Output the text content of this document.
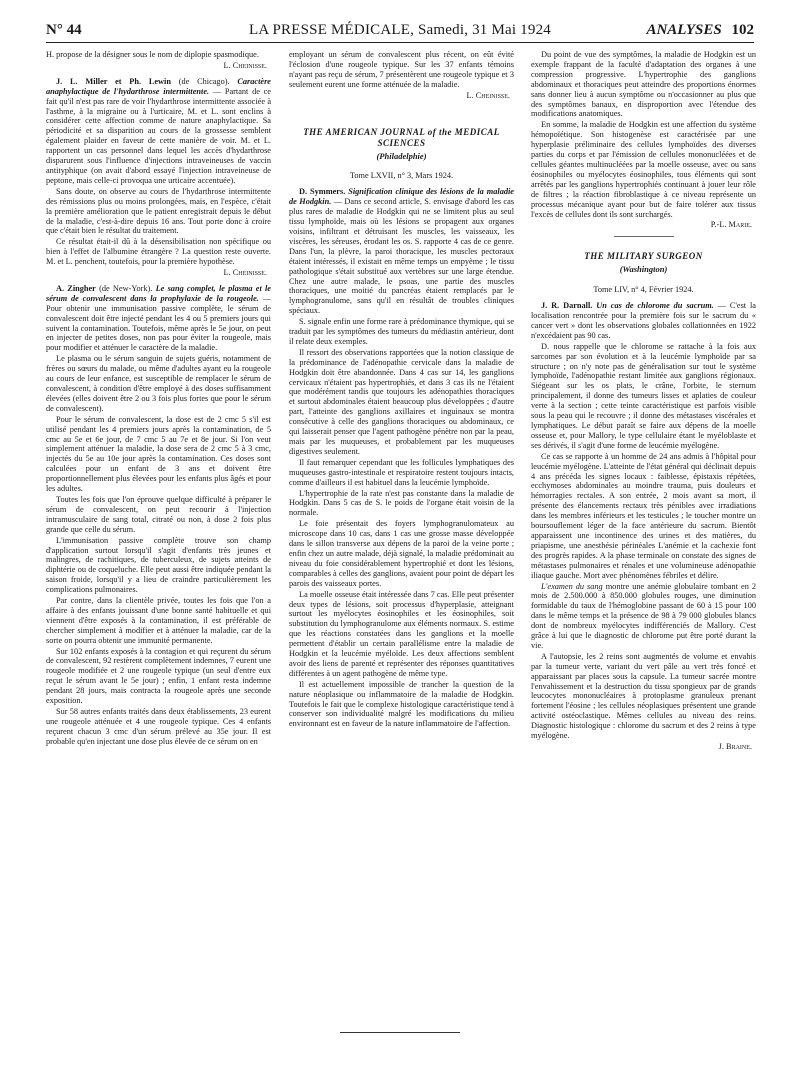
N° 44	LA PRESSE MÉDICALE, Samedi, 31 Mai 1924	ANALYSES 102

H. propose de la désigner sous le nom de diplopie spasmodique.

L. Cheinisse.

J. L. Miller et Ph. Lewin (de Chicago). Caractère anaphylactique de l'hydarthrose intermittente. — Partant de ce fait qu'il n'est pas rare de voir l'hydarthrose intermittente associée à l'asthme, à la migraine ou à l'urticaire, M. et L. sont enclins à considérer cette affection comme de nature anaphylactique. Sa périodicité et sa disparition au cours de la grossesse semblent également plaider en faveur de cette manière de voir. M. et L. rapportent un cas personnel dans lequel les accès d'hydarthrose disparurent sous l'influence d'injections intraveineuses de vaccin antityphique (on avait d'abord essayé l'injection intraveineuse de peptone, mais celle-ci provoqua une urticaire accentuée).

Sans doute, on observe au cours de l'hydarthrose intermittente des rémissions plus ou moins prolongées, mais, en l'espèce, c'était la première amélioration que le patient enregistrait depuis le début de la maladie, c'est-à-dire depuis 16 ans. Tout porte donc à croire que c'était bien le résultat du traitement.

Ce résultat était-il dû à la désensibilisation non spécifique ou bien à l'effet de l'albumine étrangère ? La question reste ouverte. M. et L. penchent, toutefois, pour la première hypothèse.

L. Cheinisse.

A. Zingher (de New-York). Le sang complet, le plasma et le sérum de convalescent dans la prophylaxie de la rougeole. — Pour obtenir une immunisation passive complète, le sérum de convalescent doit être injecté pendant les 4 ou 5 premiers jours qui suivent la contamination. Toutefois, même après le 5e jour, on peut en injecter de petites doses, non pas pour éviter la rougeole, mais pour modifier et atténuer le caractère de la maladie.

Le plasma ou le sérum sanguin de sujets guéris, notamment de frères ou sœurs du malade, ou même d'adultes ayant eu la rougeole au cours de leur enfance, est susceptible de remplacer le sérum de convalescent, à condition d'être employé à des doses suffisamment élevées (elles doivent être 2 ou 3 fois plus fortes que pour le sérum de convalescent).

Pour le sérum de convalescent, la dose est de 2 cmc 5 s'il est utilisé pendant les 4 premiers jours après la contamination, de 5 cmc au 5e et 6e jour, de 7 cmc 5 au 7e et 8e jour. Si l'on veut simplement atténuer la maladie, la dose sera de 2 cmc 5 à 3 cmc, injectés du 5e au 10e jour après la contamination. Ces doses sont calculées pour un enfant de 3 ans et doivent être proportionnellement plus élevées pour les enfants plus âgés et pour les adultes.

Toutes les fois que l'on éprouve quelque difficulté à préparer le sérum de convalescent, on peut recourir à l'injection intramusculaire de sang total, citraté ou non, à dose 2 fois plus grande que celle du sérum.

L'immunisation passive complète trouve son champ d'application surtout lorsqu'il s'agit d'enfants très jeunes et malingres, de rachitiques, de tuberculeux, de sujets atteints de diphtérie ou de coqueluche. Elle peut aussi être indiquée pendant la saison froide, lorsqu'il y a lieu de craindre particulièrement les complications pulmonaires.

Par contre, dans la clientèle privée, toutes les fois que l'on a affaire à des enfants jouissant d'une bonne santé habituelle et qui viennent d'être exposés à la contamination, il est préférable de chercher simplement à modifier et à atténuer la maladie, car de la sorte on pourra obtenir une immunité permanente.

Sur 102 enfants exposés à la contagion et qui reçurent du sérum de convalescent, 92 restèrent complètement indemnes, 7 eurent une rougeole modifiée et 2 une rougeole typique (un seul d'entre eux reçut le sérum avant le 5e jour) ; enfin, 1 enfant resta indemne pendant 28 jours, mais contracta la rougeole après une seconde exposition.

Sur 58 autres enfants traités dans deux établissements, 23 eurent une rougeole atténuée et 4 une rougeole typique. Ces 4 enfants reçurent chacun 3 cmc d'un sérum prélevé au 35e jour. Il est probable qu'en injectant une dose plus élevée de ce sérum on en

employant un sérum de convalescent plus récent, on eût évité l'éclosion d'une rougeole typique. Sur les 37 enfants témoins n'ayant pas reçu de sérum, 7 présentèrent une rougeole typique et 3 seulement eurent une forme atténuée de la maladie.

L. Cheinisse.
THE AMERICAN JOURNAL of the MEDICAL SCIENCES
(Philadelphie)
Tome LXVII, n° 3, Mars 1924.

D. Symmers. Signification clinique des lésions de la maladie de Hodgkin. — Dans ce second article, S. envisage d'abord les cas plus rares de maladie de Hodgkin qui ne se limitent plus au seul tissu lymphoïde, mais où les lésions se propagent aux organes voisins, infiltrant et détruisant les muscles, les vaisseaux, les viscères, les séreuses, érodant les os. S. rapporte 4 cas de ce genre. Dans l'un, la plèvre, la paroi thoracique, les muscles pectoraux étaient intéressés, il existait en même temps un empyème ; le tissu pathologique s'était substitué aux vertèbres sur une large étendue. Chez une autre malade, le psoas, une partie des muscles thoraciques, une moitié du pancréas étaient remplacés par le lymphogranulome, sans qu'il en résultât de troubles cliniques spéciaux.

S. signale enfin une forme rare à prédominance thymique, qui se traduit par les symptômes des tumeurs du médiastin antérieur, dont il relate deux exemples.

Il ressort des observations rapportées que la notion classique de la prédominance de l'adénopathie cervicale dans la maladie de Hodgkin doit être abandonnée. Dans 4 cas sur 14, les ganglions cervicaux n'étaient pas hypertrophiés, et dans 3 cas ils ne l'étaient que modérément tandis que toujours les adénopathies thoraciques et surtout abdominales étaient beaucoup plus développées ; d'autre part, l'atteinte des ganglions axillaires et inguinaux se montra consécutive à celle des ganglions thoraciques ou abdominaux, ce qui laisserait penser que l'agent pathogène pénètre non par la peau, mais par les muqueuses, et probablement par les muqueuses digestives seulement.

Il faut remarquer cependant que les follicules lymphatiques des muqueuses gastro-intestinale et respiratoire restent toujours intacts, comme d'ailleurs il est habituel dans la leucémie lymphoïde.

L'hypertrophie de la rate n'est pas constante dans la maladie de Hodgkin. Dans 5 cas de S. le poids de l'organe était voisin de la normale.

Le foie présentait des foyers lymphogranulomateux au microscope dans 10 cas, dans 1 cas une grosse masse développée dans le sillon transverse aux dépens de la paroi de la veine porte ; enfin chez un autre malade, déjà signalé, la maladie prédominait au niveau du foie considérablement hypertrophié et dont les lésions, comparables à celles des ganglions, avaient pour point de départ les parois des vaisseaux portes.

La moelle osseuse était intéressée dans 7 cas. Elle peut présenter deux types de lésions, soit processus d'hyperplasie, atteignant surtout les myélocytes éosinophiles et les éosinophiles, soit substitution du lymphogranulome aux éléments normaux. S. estime que les réactions constatées dans les ganglions et la moelle permettent d'établir un certain parallélisme entre la maladie de Hodgkin et la leucémie myéloïde. Les deux affections semblent avoir des liens de parenté et représenter des réponses quantitatives différentes à un agent pathogène de même type.

Il est actuellement impossible de trancher la question de la nature néoplasique ou inflammatoire de la maladie de Hodgkin. Toutefois le fait que le complexe histologique caractéristique tend à conserver son individualité malgré les modifications du milieu environnant est en faveur de la nature inflammatoire de l'affection.

Du point de vue des symptômes, la maladie de Hodgkin est un exemple frappant de la faculté d'adaptation des organes à une compression progressive. L'hypertrophie des ganglions abdominaux et thoraciques peut atteindre des proportions énormes sans donner lieu à aucun symptôme ou n'occasionner au plus que des symptômes banaux, en disproportion avec l'étendue des modifications anatomiques.

En somme, la maladie de Hodgkin est une affection du système hémopoïétique. Son histogenèse est caractérisée par une hyperplasie préliminaire des cellules lymphoïdes des diverses parties du corps et par l'émission de cellules mononucléées et de cellules géantes multinucléées par la moelle osseuse, avec ou sans éosinophiles ou myélocytes éosinophiles, tous éléments qui sont arrêtés par les ganglions hypertrophiés continuant à jouer leur rôle de filtres ; la réaction fibroblastique à ce niveau représente un processus mécanique ayant pour but de faire tolérer aux tissus l'excès de cellules dont ils sont surchargés.

P.-L. Marie.
THE MILITARY SURGEON
(Washington)
Tome LIV, n° 4, Février 1924.

J. R. Darnall. Un cas de chlorome du sacrum. — C'est la localisation rencontrée pour la première fois sur le sacrum du « cancer vert » dont les observations globales collationnées en 1922 n'excédaient pas 90 cas.

D. nous rappelle que le chlorome se rattache à la fois aux sarcomes par son évolution et à la leucémie lymphoïde par sa structure ; on n'y note pas de généralisation sur tout le système lymphoïde, l'adénopathie restant limitée aux ganglions régionaux. Siégeant sur les os plats, le crâne, l'orbite, le sternum principalement, il donne des tumeurs lisses et aplaties de couleur verte à la section ; cette teinte caractéristique est parfois visible sous la peau qui le recouvre ; il donne des métastases viscérales et lymphatiques. Le début paraît se faire aux dépens de la moelle osseuse et, pour Mallory, le type cellulaire étant le myéloblaste et ses dérivés, il s'agit d'une forme de leucémie myélogène.

Ce cas se rapporte à un homme de 24 ans admis à l'hôpital pour leucémie myélogène. L'atteinte de l'état général qui déclinait depuis 4 ans précéda les signes locaux : faiblesse, épistaxis répétées, ecchymoses abdominales au moindre trauma, puis douleurs et hémorragies rectales. A son entrée, 2 mois avant sa mort, il présente des élancements rectaux très pénibles avec irradiations dans les membres inférieurs et les testicules ; le toucher montre un boursouflement léger de la face antérieure du sacrum. Bientôt apparaissent une incontinence des urines et des matières, du priapisme, une anesthésie périnéales L'anémie et la cachexie font des progrès rapides. A la phase terminale on constate des signes de métastases pulmonaires et rénales et une volumineuse adénopathie iliaque gauche. Mort avec phénomènes fébriles et délire.

L'examen du sang montre une anémie globulaire tombant en 2 mois de 2.500.000 à 850.000 globules rouges, une diminution formidable du taux de l'hémoglobine passant de 60 à 15 pour 100 dans le même temps et la présence de 98 à 79 000 globules blancs dont de nombreux myélocytes indifférenciés de Mallory. C'est grâce à lui que le diagnostic de chlorome put être porté durant la vie.

A l'autopsie, les 2 reins sont augmentés de volume et envahis par la tumeur verte, variant du vert pâle au vert très foncé et apparaissant par places sous la capsule. La tumeur sacrée montre l'envahissement et la destruction du tissu spongieux par de grands leucocytes mononucléaires à protoplasme granuleux prenant fortement l'éosine ; les cellules néoplasiques présentent une grande activité ostéoclastique. Mêmes cellules au niveau des reins. Diagnostic histologique : chlorome du sacrum et des 2 reins à type myélogène.

J. Braine.
